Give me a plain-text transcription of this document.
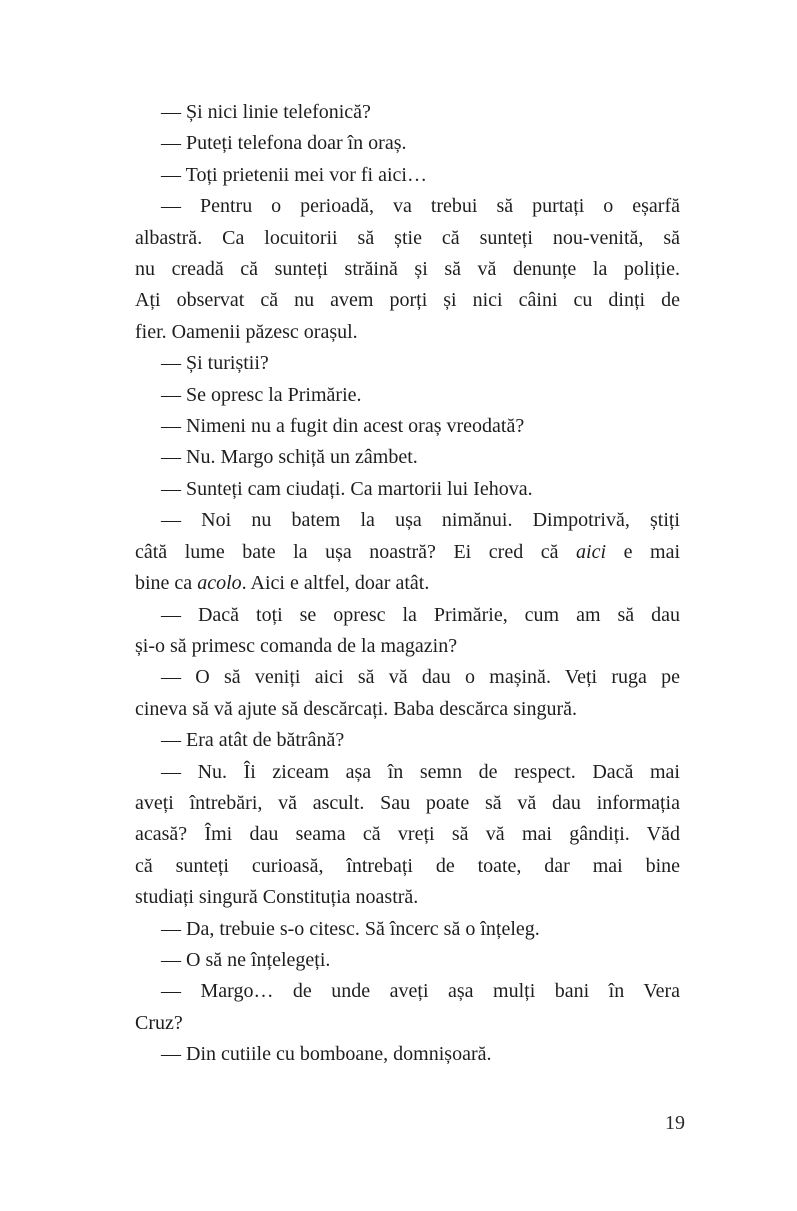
— Și nici linie telefonică?
— Puteți telefona doar în oraș.
— Toți prietenii mei vor fi aici…
— Pentru o perioadă, va trebui să purtați o eșarfă
albastră. Ca locuitorii să știe că sunteți nou-venită, să
nu creadă că sunteți străină și să vă denunțe la poliție.
Ați observat că nu avem porți și nici câini cu dinți de
fier. Oamenii păzesc orașul.
— Și turiștii?
— Se opresc la Primărie.
— Nimeni nu a fugit din acest oraș vreodată?
— Nu. Margo schiță un zâmbet.
— Sunteți cam ciudați. Ca martorii lui Iehova.
— Noi nu batem la ușa nimănui. Dimpotrivă, știți
câtă lume bate la ușa noastră? Ei cred că aici e mai
bine ca acolo. Aici e altfel, doar atât.
— Dacă toți se opresc la Primărie, cum am să dau
și-o să primesc comanda de la magazin?
— O să veniți aici să vă dau o mașină. Veți ruga pe
cineva să vă ajute să descărcați. Baba descărca singură.
— Era atât de bătrână?
— Nu. Îi ziceam așa în semn de respect. Dacă mai
aveți întrebări, vă ascult. Sau poate să vă dau informația
acasă? Îmi dau seama că vreți să vă mai gândiți. Văd
că sunteți curioasă, întrebați de toate, dar mai bine
studiați singură Constituția noastră.
— Da, trebuie s-o citesc. Să încerc să o înțeleg.
— O să ne înțelegeți.
— Margo… de unde aveți așa mulți bani în Vera
Cruz?
— Din cutiile cu bomboane, domnișoară.
19
